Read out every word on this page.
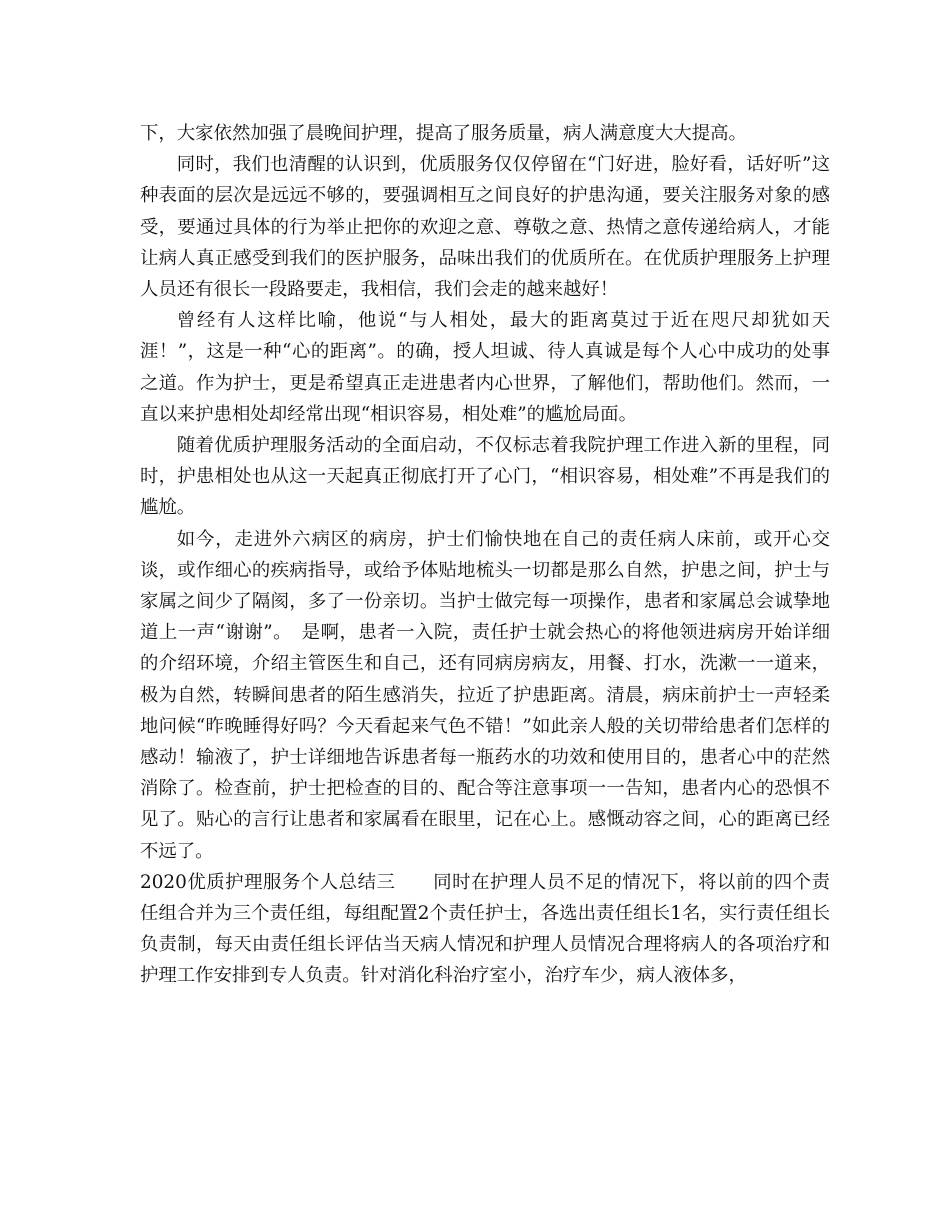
下，大家依然加强了晨晚间护理，提高了服务质量，病人满意度大大提高。

同时，我们也清醒的认识到，优质服务仅仅停留在“门好进，脸好看，话好听”这种表面的层次是远远不够的，要强调相互之间良好的护患沟通，要关注服务对象的感受，要通过具体的行为举止把你的欢迎之意、尊敬之意、热情之意传递给病人，才能让病人真正感受到我们的医护服务，品味出我们的优质所在。在优质护理服务上护理人员还有很长一段路要走，我相信，我们会走的越来越好！

曾经有人这样比喻，他说“与人相处，最大的距离莫过于近在咫尺却犹如天涯！”，这是一种“心的距离”。的确，授人坦诚、待人真诚是每个人心中成功的处事之道。作为护士，更是希望真正走进患者内心世界，了解他们，帮助他们。然而，一直以来护患相处却经常出现“相识容易，相处难”的尴尬局面。

随着优质护理服务活动的全面启动，不仅标志着我院护理工作进入新的里程，同时，护患相处也从这一天起真正彻底打开了心门，“相识容易，相处难”不再是我们的尴尬。

如今，走进外六病区的病房，护士们愉快地在自己的责任病人床前，或开心交谈，或作细心的疾病指导，或给予体贴地梳头一切都是那么自然，护患之间，护士与家属之间少了隔阂，多了一份亲切。当护士做完每一项操作，患者和家属总会诚挚地道上一声“谢谢”。　是啊，患者一入院，责任护士就会热心的将他领进病房开始详细的介绍环境，介绍主管医生和自己，还有同病房病友，用餐、打水，洗漱一一道来，极为自然，转瞬间患者的陌生感消失，拉近了护患距离。清晨，病床前护士一声轻柔地问候“昨晚睡得好吗？今天看起来气色不错！”如此亲人般的关切带给患者们怎样的感动！输液了，护士详细地告诉患者每一瓶药水的功效和使用目的，患者心中的茫然消除了。检查前，护士把检查的目的、配合等注意事项一一告知，患者内心的恐惧不见了。贴心的言行让患者和家属看在眼里，记在心上。感慨动容之间，心的距离已经不远了。

2020优质护理服务个人总结三　　同时在护理人员不足的情况下，将以前的四个责任组合并为三个责任组，每组配置2个责任护士，各选出责任组长1名，实行责任组长负责制，每天由责任组长评估当天病人情况和护理人员情况合理将病人的各项治疗和护理工作安排到专人负责。针对消化科治疗室小，治疗车少，病人液体多，
